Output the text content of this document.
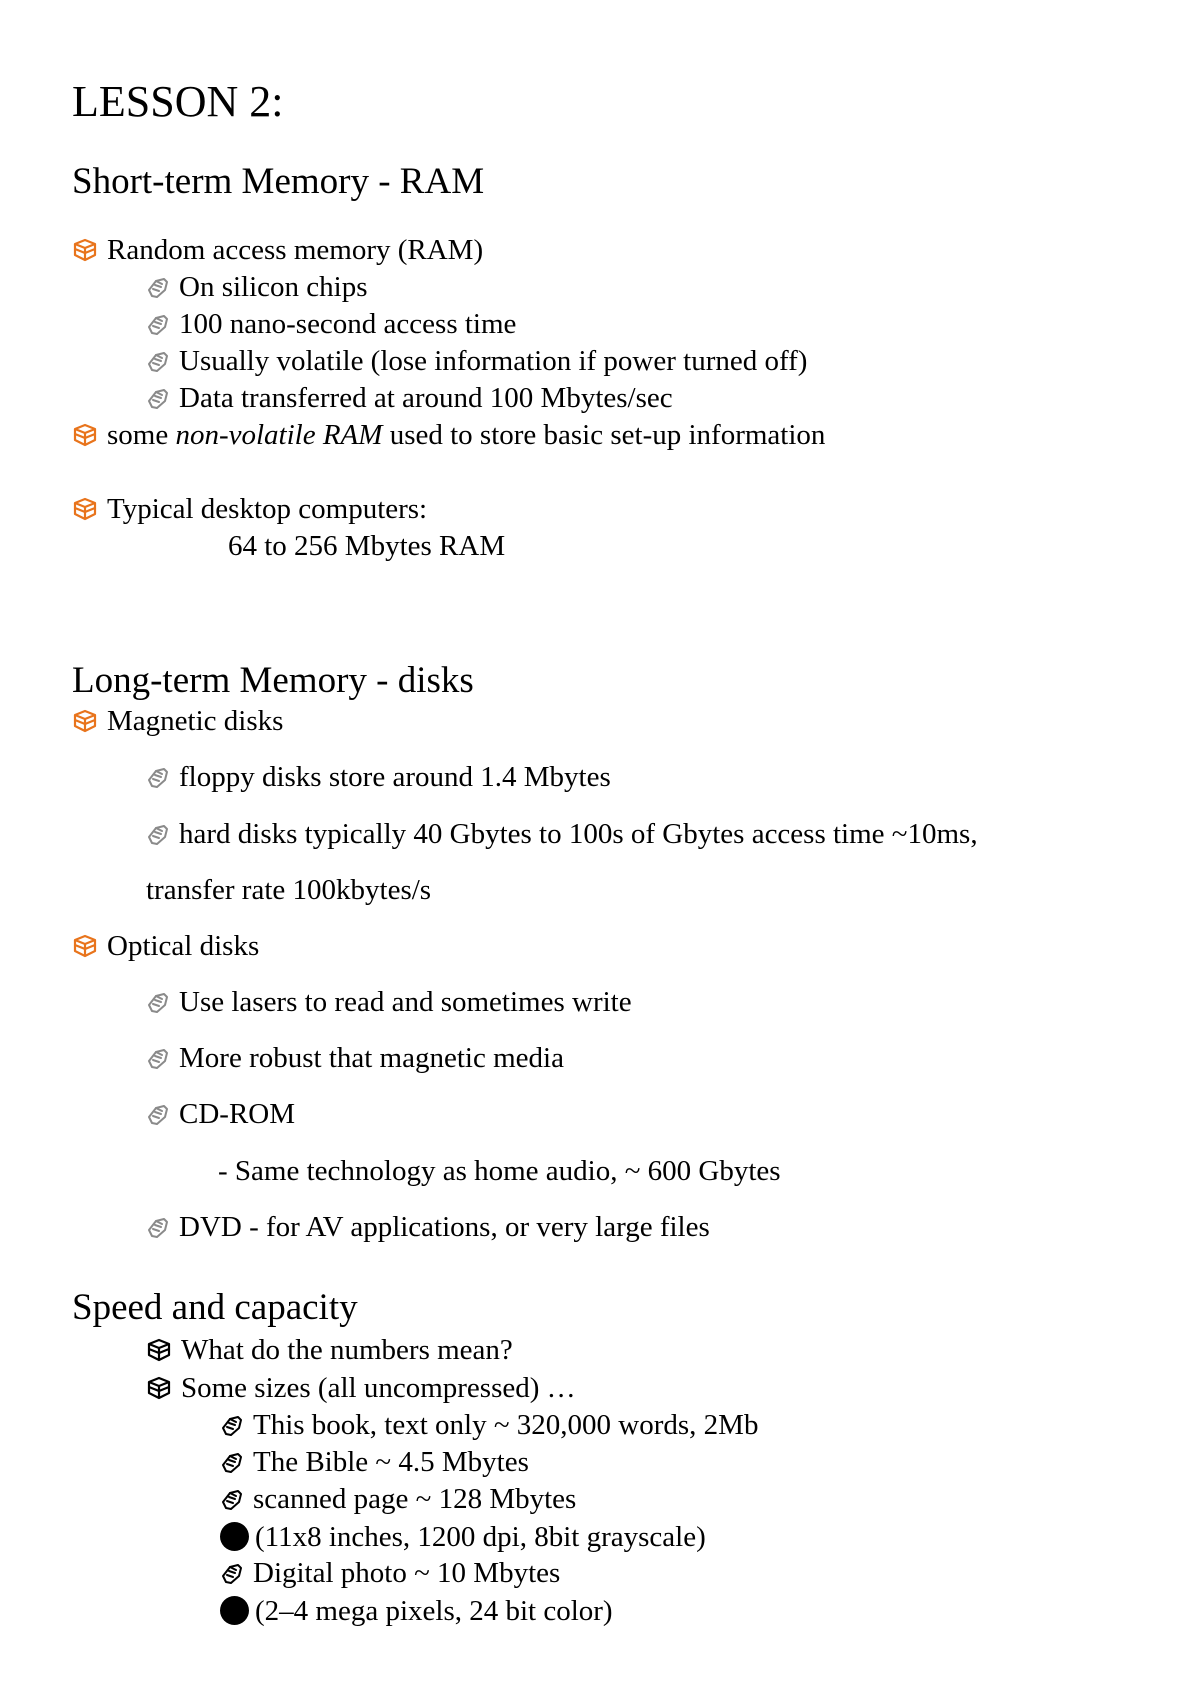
LESSON 2:
Short-term Memory - RAM
Random access memory (RAM)
On silicon chips
100 nano-second access time
Usually volatile (lose information if power turned off)
Data transferred at around 100 Mbytes/sec
some non-volatile RAM used to store basic set-up information
Typical desktop computers:
64 to 256 Mbytes RAM
Long-term Memory - disks
Magnetic disks
floppy disks store around 1.4 Mbytes
hard disks typically 40 Gbytes to 100s of Gbytes access time ~10ms,
transfer rate 100kbytes/s
Optical disks
Use lasers to read and sometimes write
More robust that magnetic media
CD-ROM
- Same technology as home audio, ~ 600 Gbytes
DVD - for AV applications, or very large files
Speed and capacity
What do the numbers mean?
Some sizes (all uncompressed) …
This book, text only ~ 320,000 words, 2Mb
The Bible ~ 4.5 Mbytes
scanned page ~ 128 Mbytes
(11x8 inches, 1200 dpi, 8bit grayscale)
Digital photo ~ 10 Mbytes
(2–4 mega pixels, 24 bit color)
